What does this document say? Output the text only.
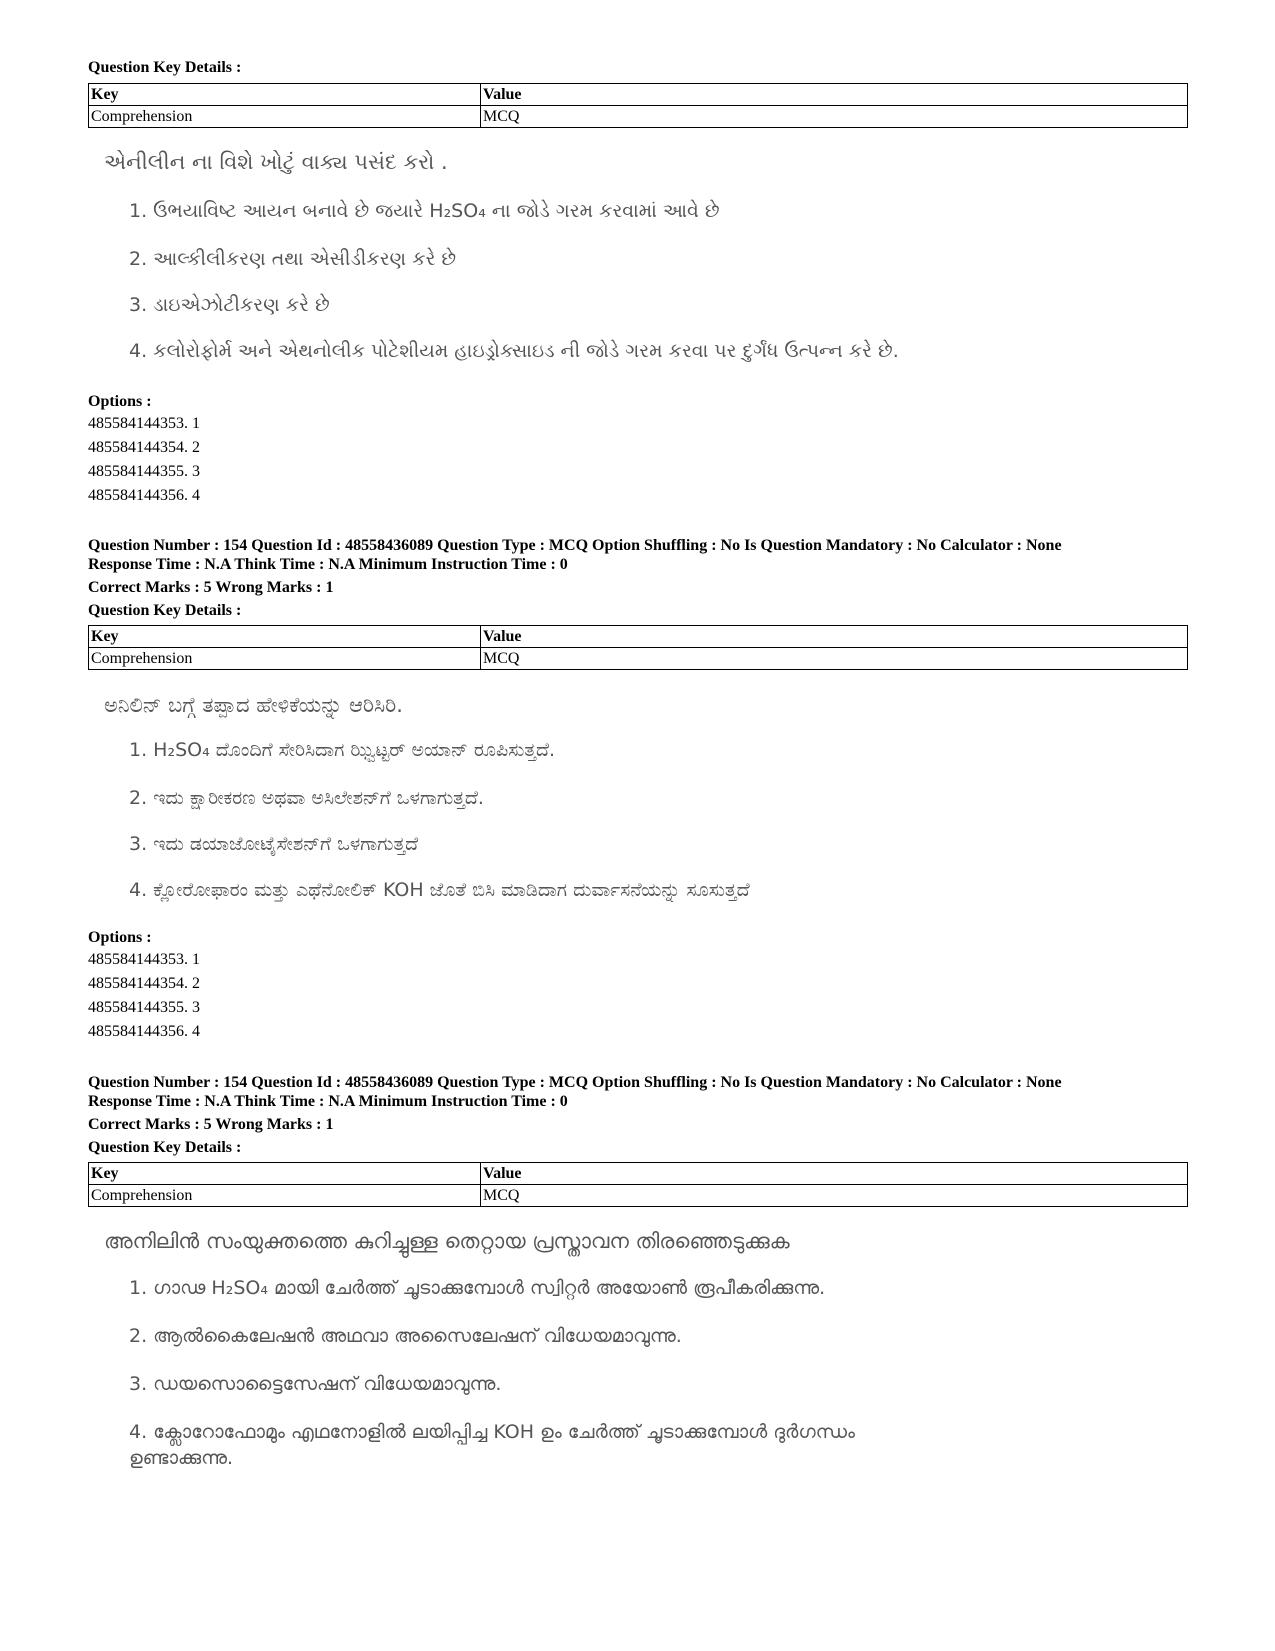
Question Key Details :
Key	Value
Comprehension	MCQ
એનીલીન ના વિશે ખોટું વાક્ય પસંદ કરો .
1. ઉભયાવિષ્ટ આયન બનાવે છે જયારે H₂SO₄ ના જોડે ગરમ કરવામાં આવે છે
2. આલ્કીલીકરણ તથા એસીડીકરણ કરે છે
3. ડાઇએઝોટીકરણ કરે છે
4. કલોરોફોર્મ અને એથનોલીક પોટેશીયમ હાઇડ્રોક્સાઇડ ની જોડે ગરમ કરવા પર દુર્ગંધ ઉત્પન્ન કરે છે.
Options :
485584144353. 1
485584144354. 2
485584144355. 3
485584144356. 4
Question Number : 154 Question Id : 48558436089 Question Type : MCQ Option Shuffling : No Is Question Mandatory : No Calculator : None
Response Time : N.A Think Time : N.A Minimum Instruction Time : 0
Correct Marks : 5 Wrong Marks : 1
Question Key Details :
Key	Value
Comprehension	MCQ
ಅನಿಲಿನ್ ಬಗ್ಗೆ ತಪ್ಪಾದ ಹೇಳಿಕೆಯನ್ನು ಆರಿಸಿರಿ.
1. H₂SO₄ ದೊಂದಿಗೆ ಸೇರಿಸಿದಾಗ ಝ್ವಿಟ್ಟರ್ ಅಯಾನ್ ರೂಪಿಸುತ್ತದೆ.
2. ಇದು ಕ್ಷಾರೀಕರಣ ಅಥವಾ ಅಸಿಲೇಶನ್‌ಗೆ ಒಳಗಾಗುತ್ತದೆ.
3. ಇದು ಡಯಾಜೋಟೈಸೇಶನ್‌ಗೆ ಒಳಗಾಗುತ್ತದೆ
4. ಕ್ಲೋರೋಫಾರಂ ಮತ್ತು ಎಥೆನೋಲಿಕ್ KOH ಜೊತೆ ಬಿಸಿ ಮಾಡಿದಾಗ ದುರ್ವಾಸನೆಯನ್ನು ಸೂಸುತ್ತದೆ
Options :
485584144353. 1
485584144354. 2
485584144355. 3
485584144356. 4
Question Number : 154 Question Id : 48558436089 Question Type : MCQ Option Shuffling : No Is Question Mandatory : No Calculator : None
Response Time : N.A Think Time : N.A Minimum Instruction Time : 0
Correct Marks : 5 Wrong Marks : 1
Question Key Details :
Key	Value
Comprehension	MCQ
അനിലിൻ സംയുക്തത്തെ കുറിച്ചുള്ള തെറ്റായ പ്രസ്താവന തിരഞ്ഞെടുക്കുക
1. ഗാഢ H₂SO₄ മായി ചേർത്ത് ചൂടാക്കുമ്പോൾ സ്വിറ്റർ അയോൺ രൂപീകരിക്കുന്നു.
2. ആൽകൈലേഷൻ അഥവാ അസൈലേഷന് വിധേയമാവുന്നു.
3. ഡയസൊട്ടൈസേഷന് വിധേയമാവുന്നു.
4. ക്ലോറോഫോമും എഥനോളിൽ ലയിപ്പിച്ച KOH ഉം ചേർത്ത് ചൂടാക്കുമ്പോൾ ദുർഗന്ധം ഉണ്ടാക്കുന്നു.
